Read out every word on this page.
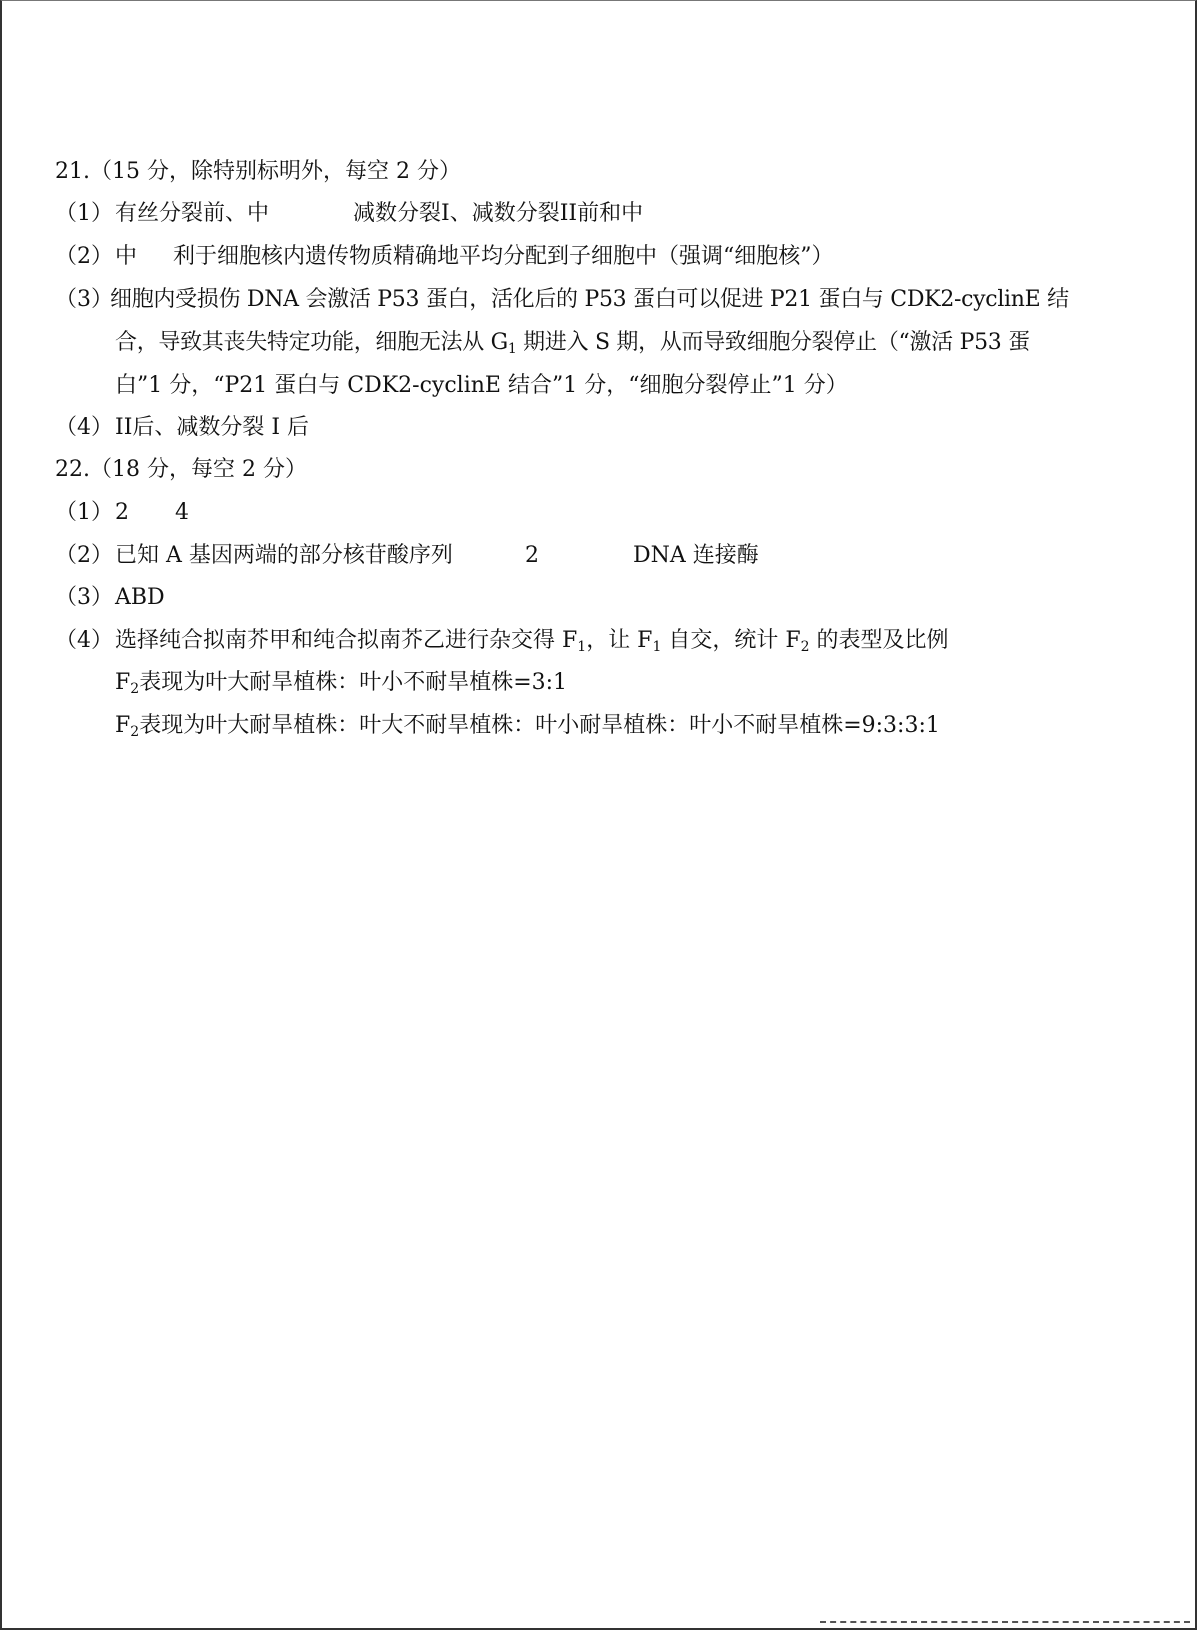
21.（15 分，除特别标明外，每空 2 分）
（1） 有丝分裂前、中	减数分裂I、减数分裂II前和中
（2） 中 利于细胞核内遗传物质精确地平均分配到子细胞中（强调“细胞核”）
（3）
细胞内受损伤 DNA 会激活 P53 蛋白，活化后的 P53 蛋白可以促进 P21 蛋白与 CDK2-cyclinE 结
合，导致其丧失特定功能，细胞无法从 $G_1$ 期进入 S 期，从而导致细胞分裂停止（“激活 P53 蛋
白”1 分，“P21 蛋白与 CDK2-cyclinE 结合”1 分，“细胞分裂停止”1 分）
（4） II后、减数分裂 I 后
22.（18 分，每空 2 分）
（1） 2 4
（2） 已知 A 基因两端的部分核苷酸序列	2	DNA 连接酶
（3） ABD
（4） 选择纯合拟南芥甲和纯合拟南芥乙进行杂交得 $F_1$，让 $F_1$ 自交，统计 $F_2$ 的表型及比例
$F_2$表现为叶大耐旱植株：叶小不耐旱植株=3:1
$F_2$表现为叶大耐旱植株：叶大不耐旱植株：叶小耐旱植株：叶小不耐旱植株=9:3:3:1
